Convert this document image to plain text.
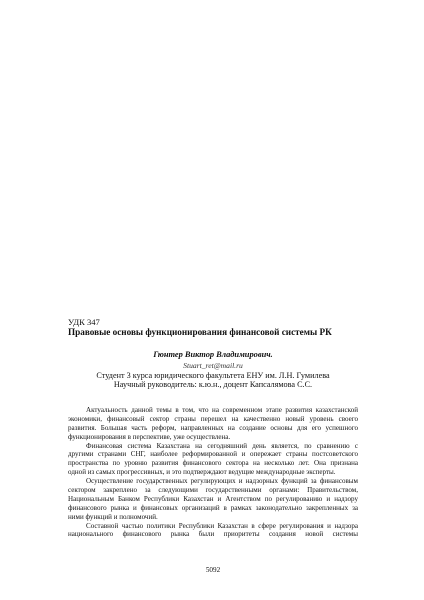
УДК 347
Правовые основы функционирования финансовой системы РК
Гюнтер Виктор Владимирович.
Stuart_ret@mail.ru
Студент 3 курса юридического факультета ЕНУ им. Л.Н. Гумилева
Научный руководитель: к.ю.н., доцент Капсалямова С.С.
Актуальность данной темы в том, что на современном этапе развития казахстанской
экономики, финансовый сектор страны перешел на качественно новый уровень своего
развития. Большая часть реформ, направленных на создание основы для его успешного
функционирования в перспективе, уже осуществлена.
Финансовая система Казахстана на сегодняшний день является, по сравнению с
другими странами СНГ, наиболее реформированной и опережает страны постсоветского
пространства по уровню развития финансового сектора на несколько лет. Она признана
одной из самых прогрессивных, и это подтверждают ведущие международные эксперты.
Осуществление государственных регулирующих и надзорных функций за финансовым
сектором закреплено за следующими государственными органами: Правительством,
Национальным Банком Республики Казахстан и Агентством по регулированию и надзору
финансового рынка и финансовых организаций в рамках законодательно закрепленных за
ними функций и полномочий.
Составной частью политики Республики Казахстан в сфере регулирования и надзора
национального финансового рынка были приоритеты создания новой системы
5092
